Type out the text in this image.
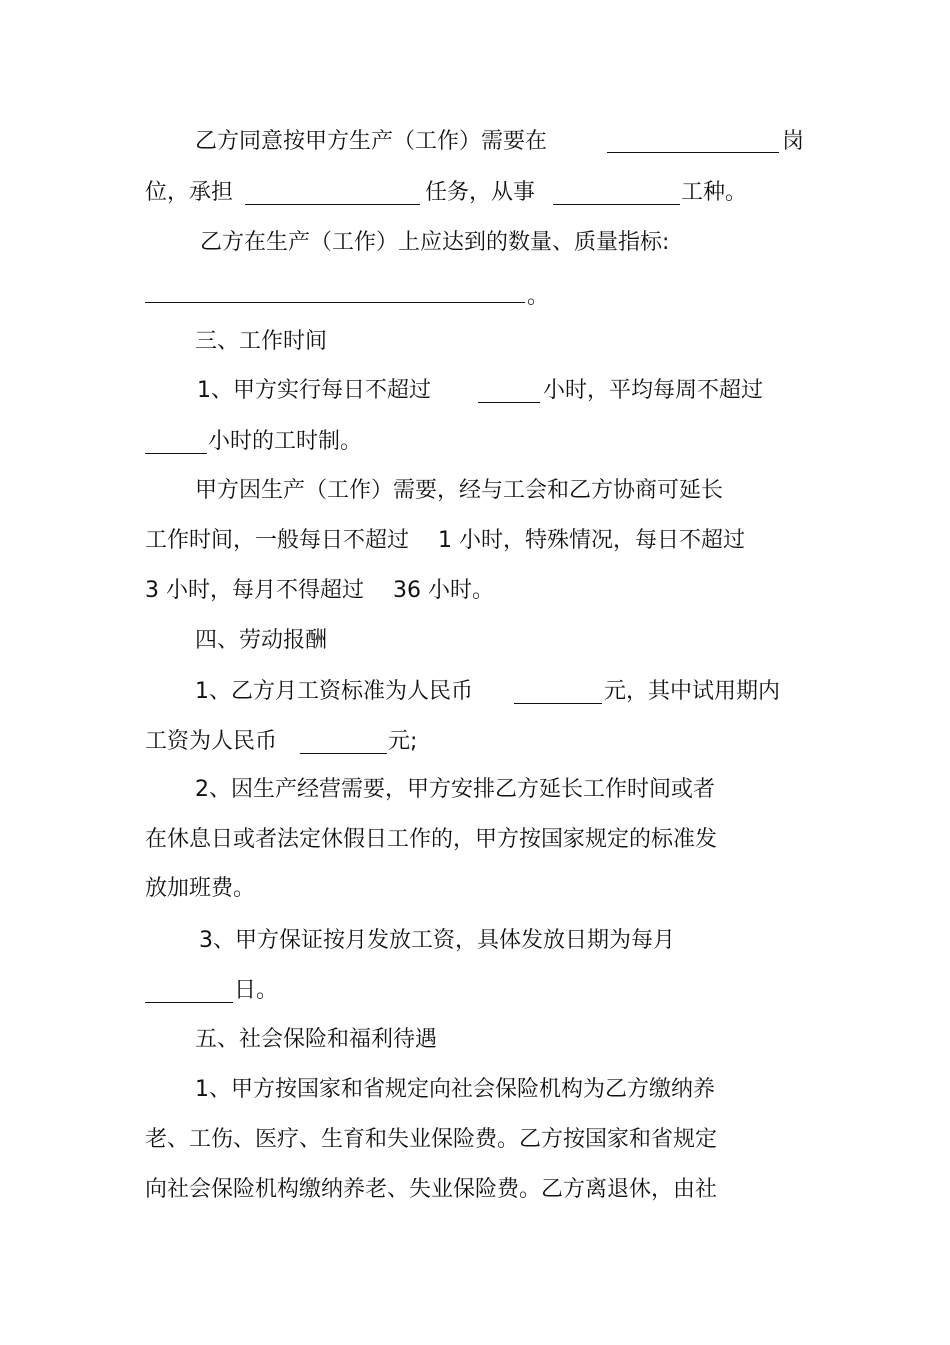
乙方同意按甲方生产（工作）需要在	岗
位，承担	任务，从事	工种。
乙方在生产（工作）上应达到的数量、质量指标:
。
三、工作时间
1、甲方实行每日不超过	小时，平均每周不超过
小时的工时制。
甲方因生产（工作）需要，经与工会和乙方协商可延长
工作时间，一般每日不超过　 1 小时，特殊情况，每日不超过
3 小时，每月不得超过　 36 小时。
四、劳动报酬
1、乙方月工资标准为人民币	元，其中试用期内
工资为人民币	元;
2、因生产经营需要，甲方安排乙方延长工作时间或者
在休息日或者法定休假日工作的，甲方按国家规定的标准发
放加班费。
3、甲方保证按月发放工资，具体发放日期为每月
日。
五、社会保险和福利待遇
1、甲方按国家和省规定向社会保险机构为乙方缴纳养
老、工伤、医疗、生育和失业保险费。乙方按国家和省规定
向社会保险机构缴纳养老、失业保险费。乙方离退休，由社
